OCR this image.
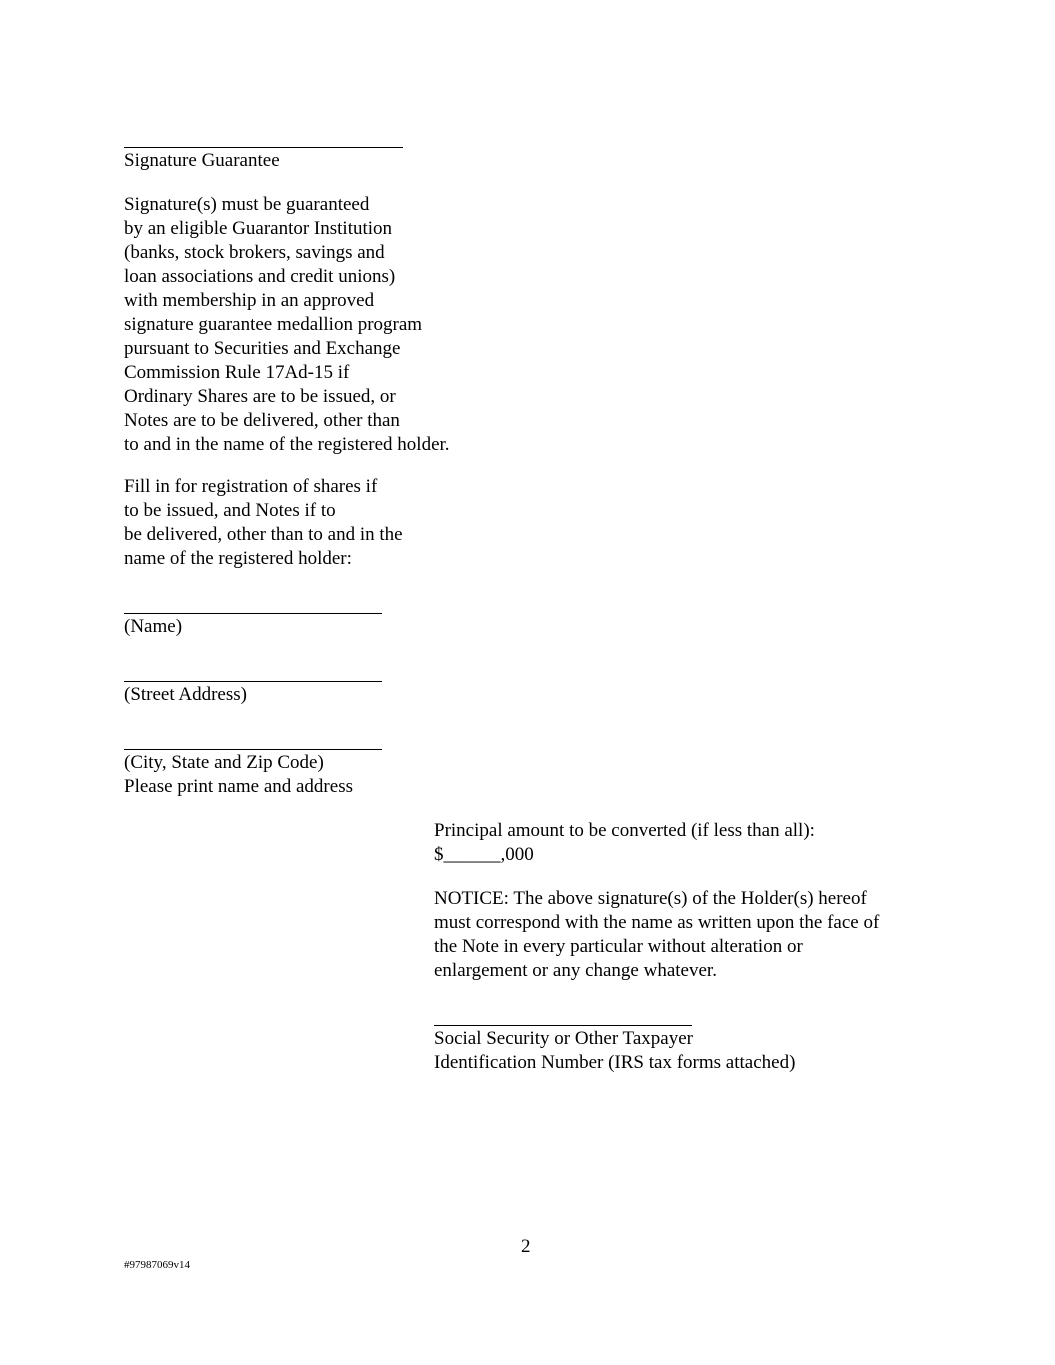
Signature Guarantee
Signature(s) must be guaranteed
by an eligible Guarantor Institution
(banks, stock brokers, savings and
loan associations and credit unions)
with membership in an approved
signature guarantee medallion program
pursuant to Securities and Exchange
Commission Rule 17Ad-15 if
Ordinary Shares are to be issued, or
Notes are to be delivered, other than
to and in the name of the registered holder.
Fill in for registration of shares if
to be issued, and Notes if to
be delivered, other than to and in the
name of the registered holder:
(Name)
(Street Address)
(City, State and Zip Code)
Please print name and address
Principal amount to be converted (if less than all):
$______,000
NOTICE: The above signature(s) of the Holder(s) hereof
must correspond with the name as written upon the face of
the Note in every particular without alteration or
enlargement or any change whatever.
Social Security or Other Taxpayer
Identification Number (IRS tax forms attached)
2
#97987069v14
